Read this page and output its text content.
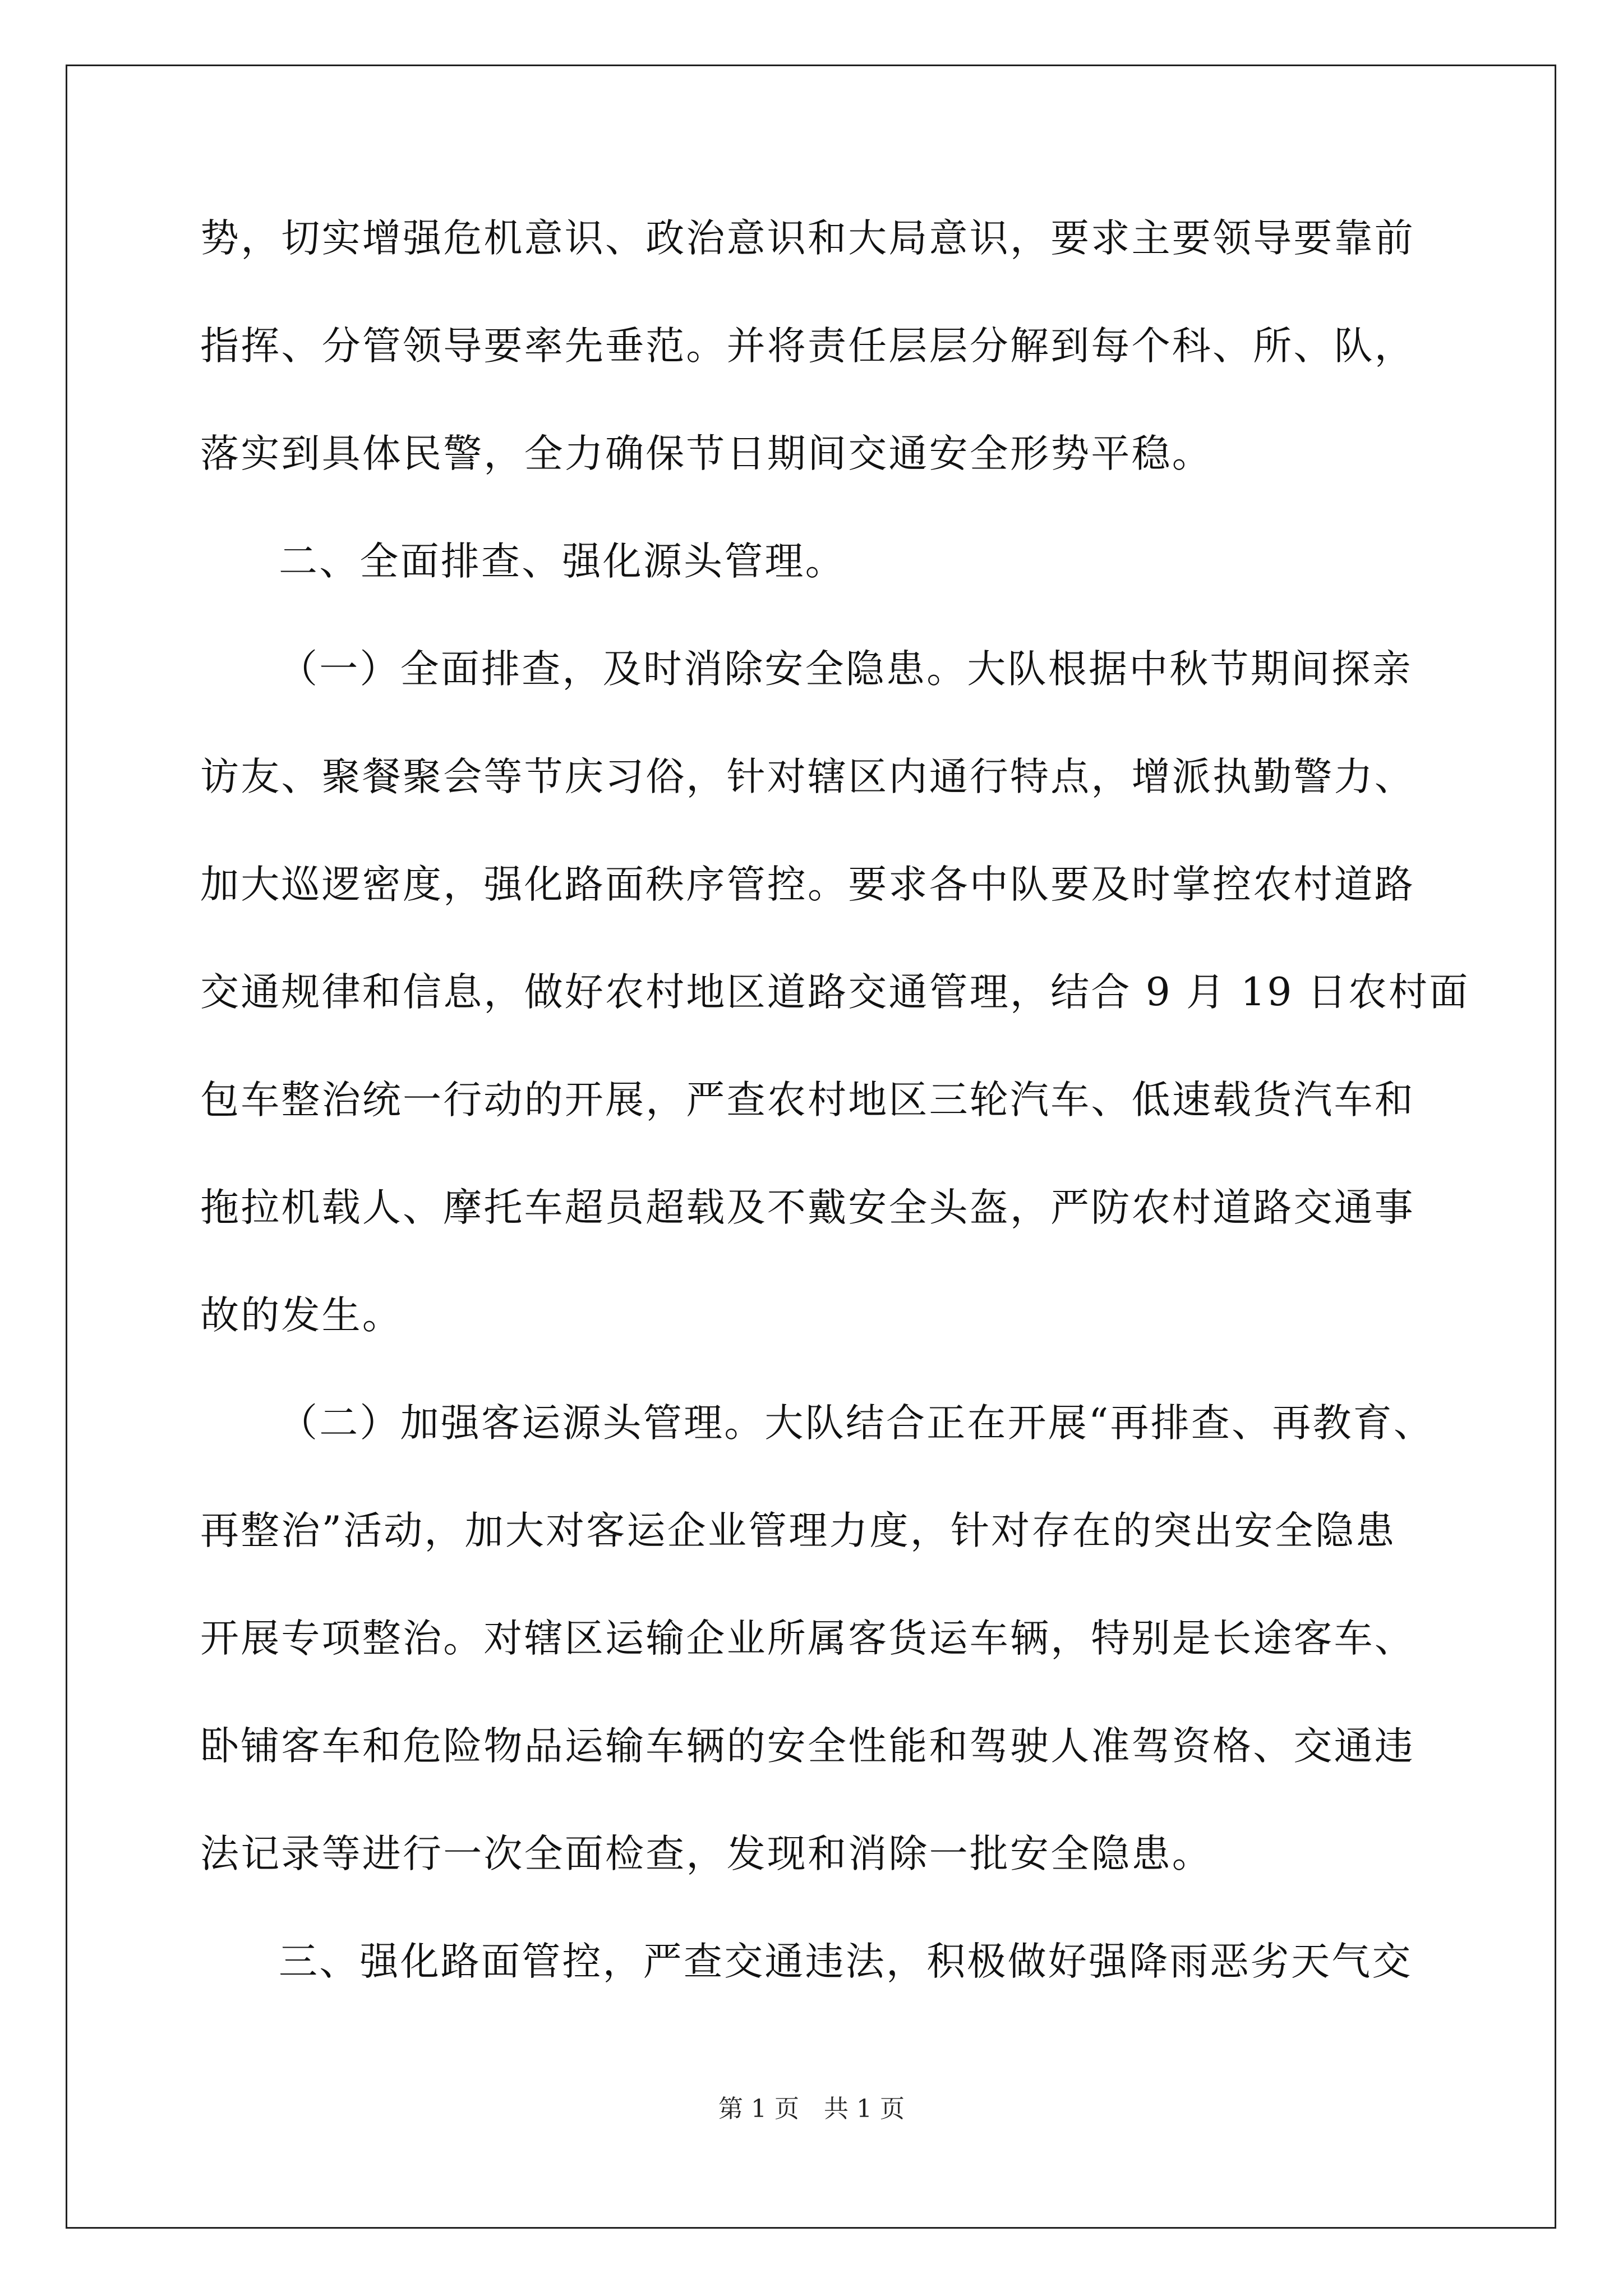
势，切实增强危机意识、政治意识和大局意识，要求主要领导要靠前
指挥、分管领导要率先垂范。并将责任层层分解到每个科、所、队，
落实到具体民警，全力确保节日期间交通安全形势平稳。
二、全面排查、强化源头管理。
（一）全面排查，及时消除安全隐患。大队根据中秋节期间探亲
访友、聚餐聚会等节庆习俗，针对辖区内通行特点，增派执勤警力、
加大巡逻密度，强化路面秩序管控。要求各中队要及时掌控农村道路
交通规律和信息，做好农村地区道路交通管理，结合 9 月 19 日农村面
包车整治统一行动的开展，严查农村地区三轮汽车、低速载货汽车和
拖拉机载人、摩托车超员超载及不戴安全头盔，严防农村道路交通事
故的发生。
（二）加强客运源头管理。大队结合正在开展“再排查、再教育、
再整治”活动，加大对客运企业管理力度，针对存在的突出安全隐患
开展专项整治。对辖区运输企业所属客货运车辆，特别是长途客车、
卧铺客车和危险物品运输车辆的安全性能和驾驶人准驾资格、交通违
法记录等进行一次全面检查，发现和消除一批安全隐患。
三、强化路面管控，严查交通违法，积极做好强降雨恶劣天气交
第 1 页　共 1 页
